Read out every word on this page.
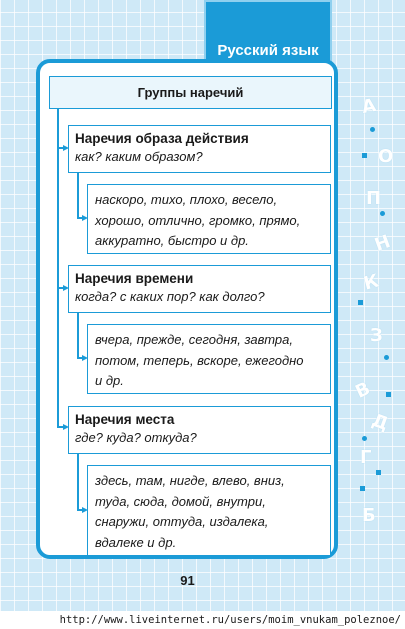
Русский язык
Группы наречий
Наречия образа действия
как? каким образом?
наскоро, тихо, плохо, весело,
хорошо, отлично, громко, прямо,
аккуратно, быстро и др.
Наречия времени
когда? с каких пор? как долго?
вчера, прежде, сегодня, завтра,
потом, теперь, вскоре, ежегодно
и др.
Наречия места
где? куда? откуда?
здесь, там, нигде, влево, вниз,
туда, сюда, домой, внутри,
снаружи, оттуда, издалека,
вдалеке и др.
А
О
П
Н
К
З
В
Д
Г
Б
91
http://www.liveinternet.ru/users/moim_vnukam_poleznoe/
